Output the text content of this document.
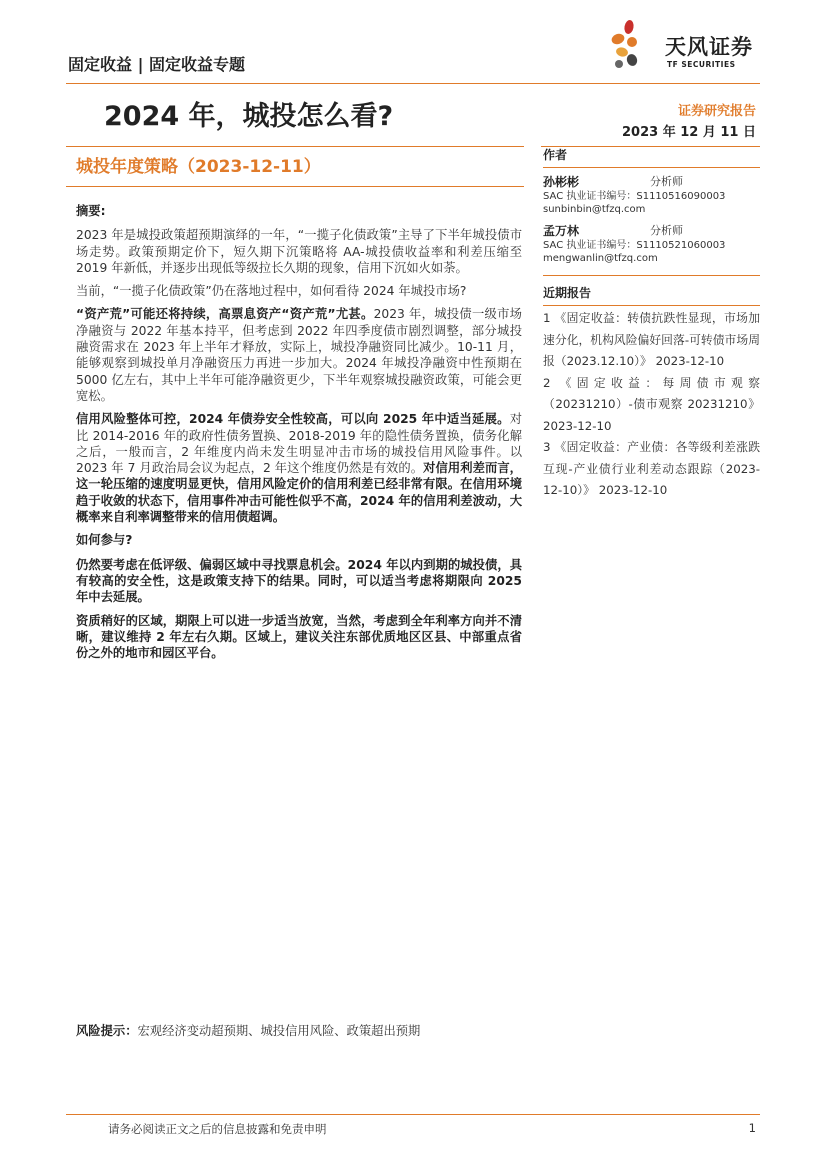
固定收益 | 固定收益专题
天风证券
TF SECURITIES
2024 年，城投怎么看?	证券研究报告
2023 年 12 月 11 日
城投年度策略（2023-12-11）

摘要:

2023 年是城投政策超预期演绎的一年，“一揽子化债政策”主导了下半年城投债市场走势。政策预期定价下，短久期下沉策略将 AA-城投债收益率和利差压缩至 2019 年新低，并逐步出现低等级拉长久期的现象，信用下沉如火如荼。

当前，“一揽子化债政策”仍在落地过程中，如何看待 2024 年城投市场?

“资产荒”可能还将持续，高票息资产“资产荒”尤甚。2023 年，城投债一级市场净融资与 2022 年基本持平，但考虑到 2022 年四季度债市剧烈调整，部分城投融资需求在 2023 年上半年才释放，实际上，城投净融资同比减少。10-11 月，能够观察到城投单月净融资压力再进一步加大。2024 年城投净融资中性预期在 5000 亿左右，其中上半年可能净融资更少，下半年观察城投融资政策，可能会更宽松。

信用风险整体可控，2024 年债券安全性较高，可以向 2025 年中适当延展。对比 2014-2016 年的政府性债务置换、2018-2019 年的隐性债务置换，债务化解之后，一般而言，2 年维度内尚未发生明显冲击市场的城投信用风险事件。以 2023 年 7 月政治局会议为起点，2 年这个维度仍然是有效的。对信用利差而言，这一轮压缩的速度明显更快，信用风险定价的信用利差已经非常有限。在信用环境趋于收敛的状态下，信用事件冲击可能性似乎不高，2024 年的信用利差波动，大概率来自利率调整带来的信用债超调。

如何参与?

仍然要考虑在低评级、偏弱区域中寻找票息机会。2024 年以内到期的城投债，具有较高的安全性，这是政策支持下的结果。同时，可以适当考虑将期限向 2025 年中去延展。

资质稍好的区域，期限上可以进一步适当放宽，当然，考虑到全年利率方向并不清晰，建议维持 2 年左右久期。区域上，建议关注东部优质地区区县、中部重点省份之外的地市和园区平台。

作者
孙彬彬	分析师
SAC 执业证书编号：S1110516090003
sunbinbin@tfzq.com
孟万林	分析师
SAC 执业证书编号：S1110521060003
mengwanlin@tfzq.com
近期报告

1 《固定收益：转债抗跌性显现，市场加速分化，机构风险偏好回落-可转债市场周报（2023.12.10）》 2023-12-10

2 《固定收益：每周债市观察（20231210）-债市观察 20231210》 2023-12-10

3 《固定收益：产业债：各等级利差涨跌互现-产业债行业利差动态跟踪（2023-12-10）》 2023-12-10

风险提示：宏观经济变动超预期、城投信用风险、政策超出预期
请务必阅读正文之后的信息披露和免责申明	1
